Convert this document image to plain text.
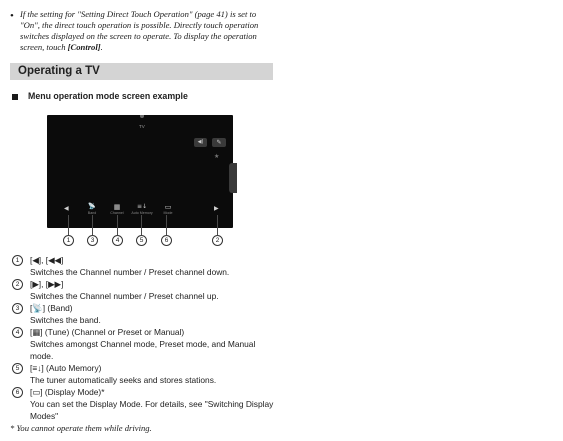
• If the setting for "Setting Direct Touch Operation" (page 41) is set to "On", the direct touch operation is possible. Directly touch operation switches displayed on the screen to operate. To display the operation screen, touch [Control].
Operating a TV
Menu operation mode screen example
TV
◀)	✎
★
◀	▶
📡
Band
▦
Channel
≡↓
Auto Memory
▭
Mode
1	3	4	5	6	2
1	[◀], [◀◀]
Switches the Channel number / Preset channel down.
2	[▶], [▶▶]
Switches the Channel number / Preset channel up.
3	[📡] (Band)
Switches the band.
4	[▦] (Tune) (Channel or Preset or Manual)
Switches amongst Channel mode, Preset mode, and Manual mode.
5	[≡↓] (Auto Memory)
The tuner automatically seeks and stores stations.
6	[▭] (Display Mode)*
You can set the Display Mode. For details, see "Switching Display Modes"
* You cannot operate them while driving.
